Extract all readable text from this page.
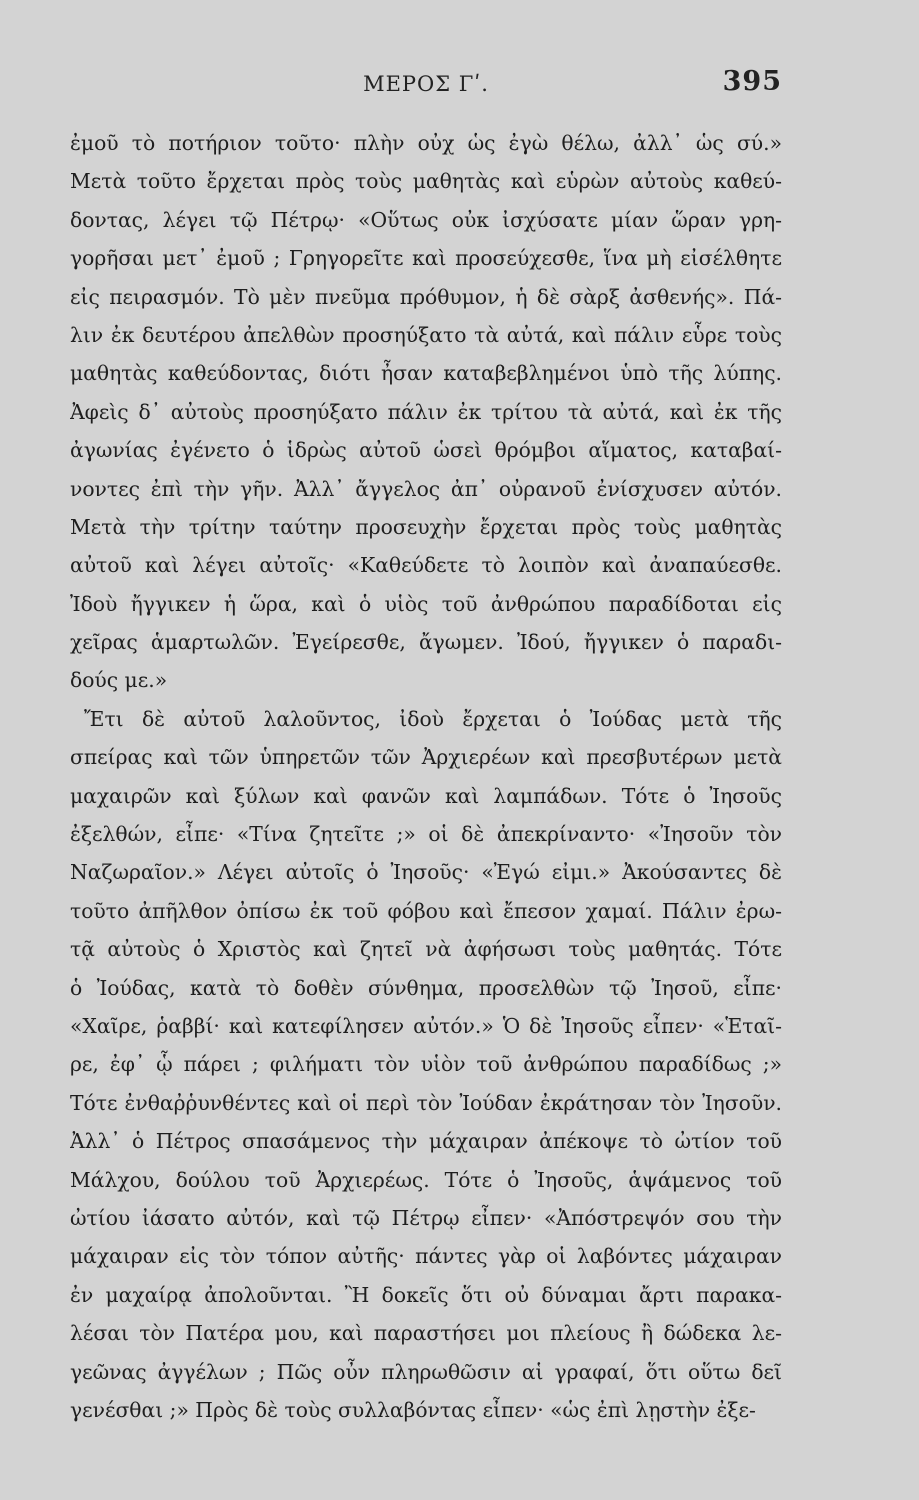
ΜΕΡΟΣ Γʹ.	395
ἐμοῦ τὸ ποτήριον τοῦτο· πλὴν οὐχ ὡς ἐγὼ θέλω, ἀλλ᾽ ὡς σύ.»
Μετὰ τοῦτο ἔρχεται πρὸς τοὺς μαθητὰς καὶ εὑρὼν αὐτοὺς καθεύ-
δοντας, λέγει τῷ Πέτρῳ· «Οὕτως οὐκ ἰσχύσατε μίαν ὥραν γρη-
γορῆσαι μετ᾽ ἐμοῦ ; Γρηγορεῖτε καὶ προσεύχεσθε, ἵνα μὴ εἰσέλθητε
εἰς πειρασμόν. Τὸ μὲν πνεῦμα πρόθυμον, ἡ δὲ σὰρξ ἀσθενής». Πά-
λιν ἐκ δευτέρου ἀπελθὼν προσηύξατο τὰ αὐτά, καὶ πάλιν εὗρε τοὺς
μαθητὰς καθεύδοντας, διότι ἦσαν καταβεβλημένοι ὑπὸ τῆς λύπης.
Ἀφεὶς δ᾽ αὐτοὺς προσηύξατο πάλιν ἐκ τρίτου τὰ αὐτά, καὶ ἐκ τῆς
ἀγωνίας ἐγένετο ὁ ἱδρὼς αὐτοῦ ὡσεὶ θρόμβοι αἵματος, καταβαί-
νοντες ἐπὶ τὴν γῆν. Ἀλλ᾽ ἄγγελος ἀπ᾽ οὐρανοῦ ἐνίσχυσεν αὐτόν.
Μετὰ τὴν τρίτην ταύτην προσευχὴν ἔρχεται πρὸς τοὺς μαθητὰς
αὐτοῦ καὶ λέγει αὐτοῖς· «Καθεύδετε τὸ λοιπὸν καὶ ἀναπαύεσθε.
Ἰδοὺ ἤγγικεν ἡ ὥρα, καὶ ὁ υἱὸς τοῦ ἀνθρώπου παραδίδοται εἰς
χεῖρας ἁμαρτωλῶν. Ἐγείρεσθε, ἄγωμεν. Ἰδού, ἤγγικεν ὁ παραδι-
δούς με.»
Ἔτι δὲ αὐτοῦ λαλοῦντος, ἰδοὺ ἔρχεται ὁ Ἰούδας μετὰ τῆς
σπείρας καὶ τῶν ὑπηρετῶν τῶν Ἀρχιερέων καὶ πρεσβυτέρων μετὰ
μαχαιρῶν καὶ ξύλων καὶ φανῶν καὶ λαμπάδων. Τότε ὁ Ἰησοῦς
ἐξελθών, εἶπε· «Τίνα ζητεῖτε ;» οἱ δὲ ἀπεκρίναντο· «Ἰησοῦν τὸν
Ναζωραῖον.» Λέγει αὐτοῖς ὁ Ἰησοῦς· «Ἐγώ εἰμι.» Ἀκούσαντες δὲ
τοῦτο ἀπῆλθον ὀπίσω ἐκ τοῦ φόβου καὶ ἔπεσον χαμαί. Πάλιν ἐρω-
τᾷ αὐτοὺς ὁ Χριστὸς καὶ ζητεῖ νὰ ἀφήσωσι τοὺς μαθητάς. Τότε
ὁ Ἰούδας, κατὰ τὸ δοθὲν σύνθημα, προσελθὼν τῷ Ἰησοῦ, εἶπε·
«Χαῖρε, ῥαββί· καὶ κατεφίλησεν αὐτόν.» Ὁ δὲ Ἰησοῦς εἶπεν· «Ἑταῖ-
ρε, ἐφ᾽ ᾧ πάρει ; φιλήματι τὸν υἱὸν τοῦ ἀνθρώπου παραδίδως ;»
Τότε ἐνθαῤῥυνθέντες καὶ οἱ περὶ τὸν Ἰούδαν ἐκράτησαν τὸν Ἰησοῦν.
Ἀλλ᾽ ὁ Πέτρος σπασάμενος τὴν μάχαιραν ἀπέκοψε τὸ ὠτίον τοῦ
Μάλχου, δούλου τοῦ Ἀρχιερέως. Τότε ὁ Ἰησοῦς, ἁψάμενος τοῦ
ὠτίου ἰάσατο αὐτόν, καὶ τῷ Πέτρῳ εἶπεν· «Ἀπόστρεψόν σου τὴν
μάχαιραν εἰς τὸν τόπον αὐτῆς· πάντες γὰρ οἱ λαβόντες μάχαιραν
ἐν μαχαίρᾳ ἀπολοῦνται. Ἢ δοκεῖς ὅτι οὐ δύναμαι ἄρτι παρακα-
λέσαι τὸν Πατέρα μου, καὶ παραστήσει μοι πλείους ἢ δώδεκα λε-
γεῶνας ἀγγέλων ; Πῶς οὖν πληρωθῶσιν αἱ γραφαί, ὅτι οὕτω δεῖ
γενέσθαι ;» Πρὸς δὲ τοὺς συλλαβόντας εἶπεν· «ὡς ἐπὶ λῃστὴν ἐξε-
